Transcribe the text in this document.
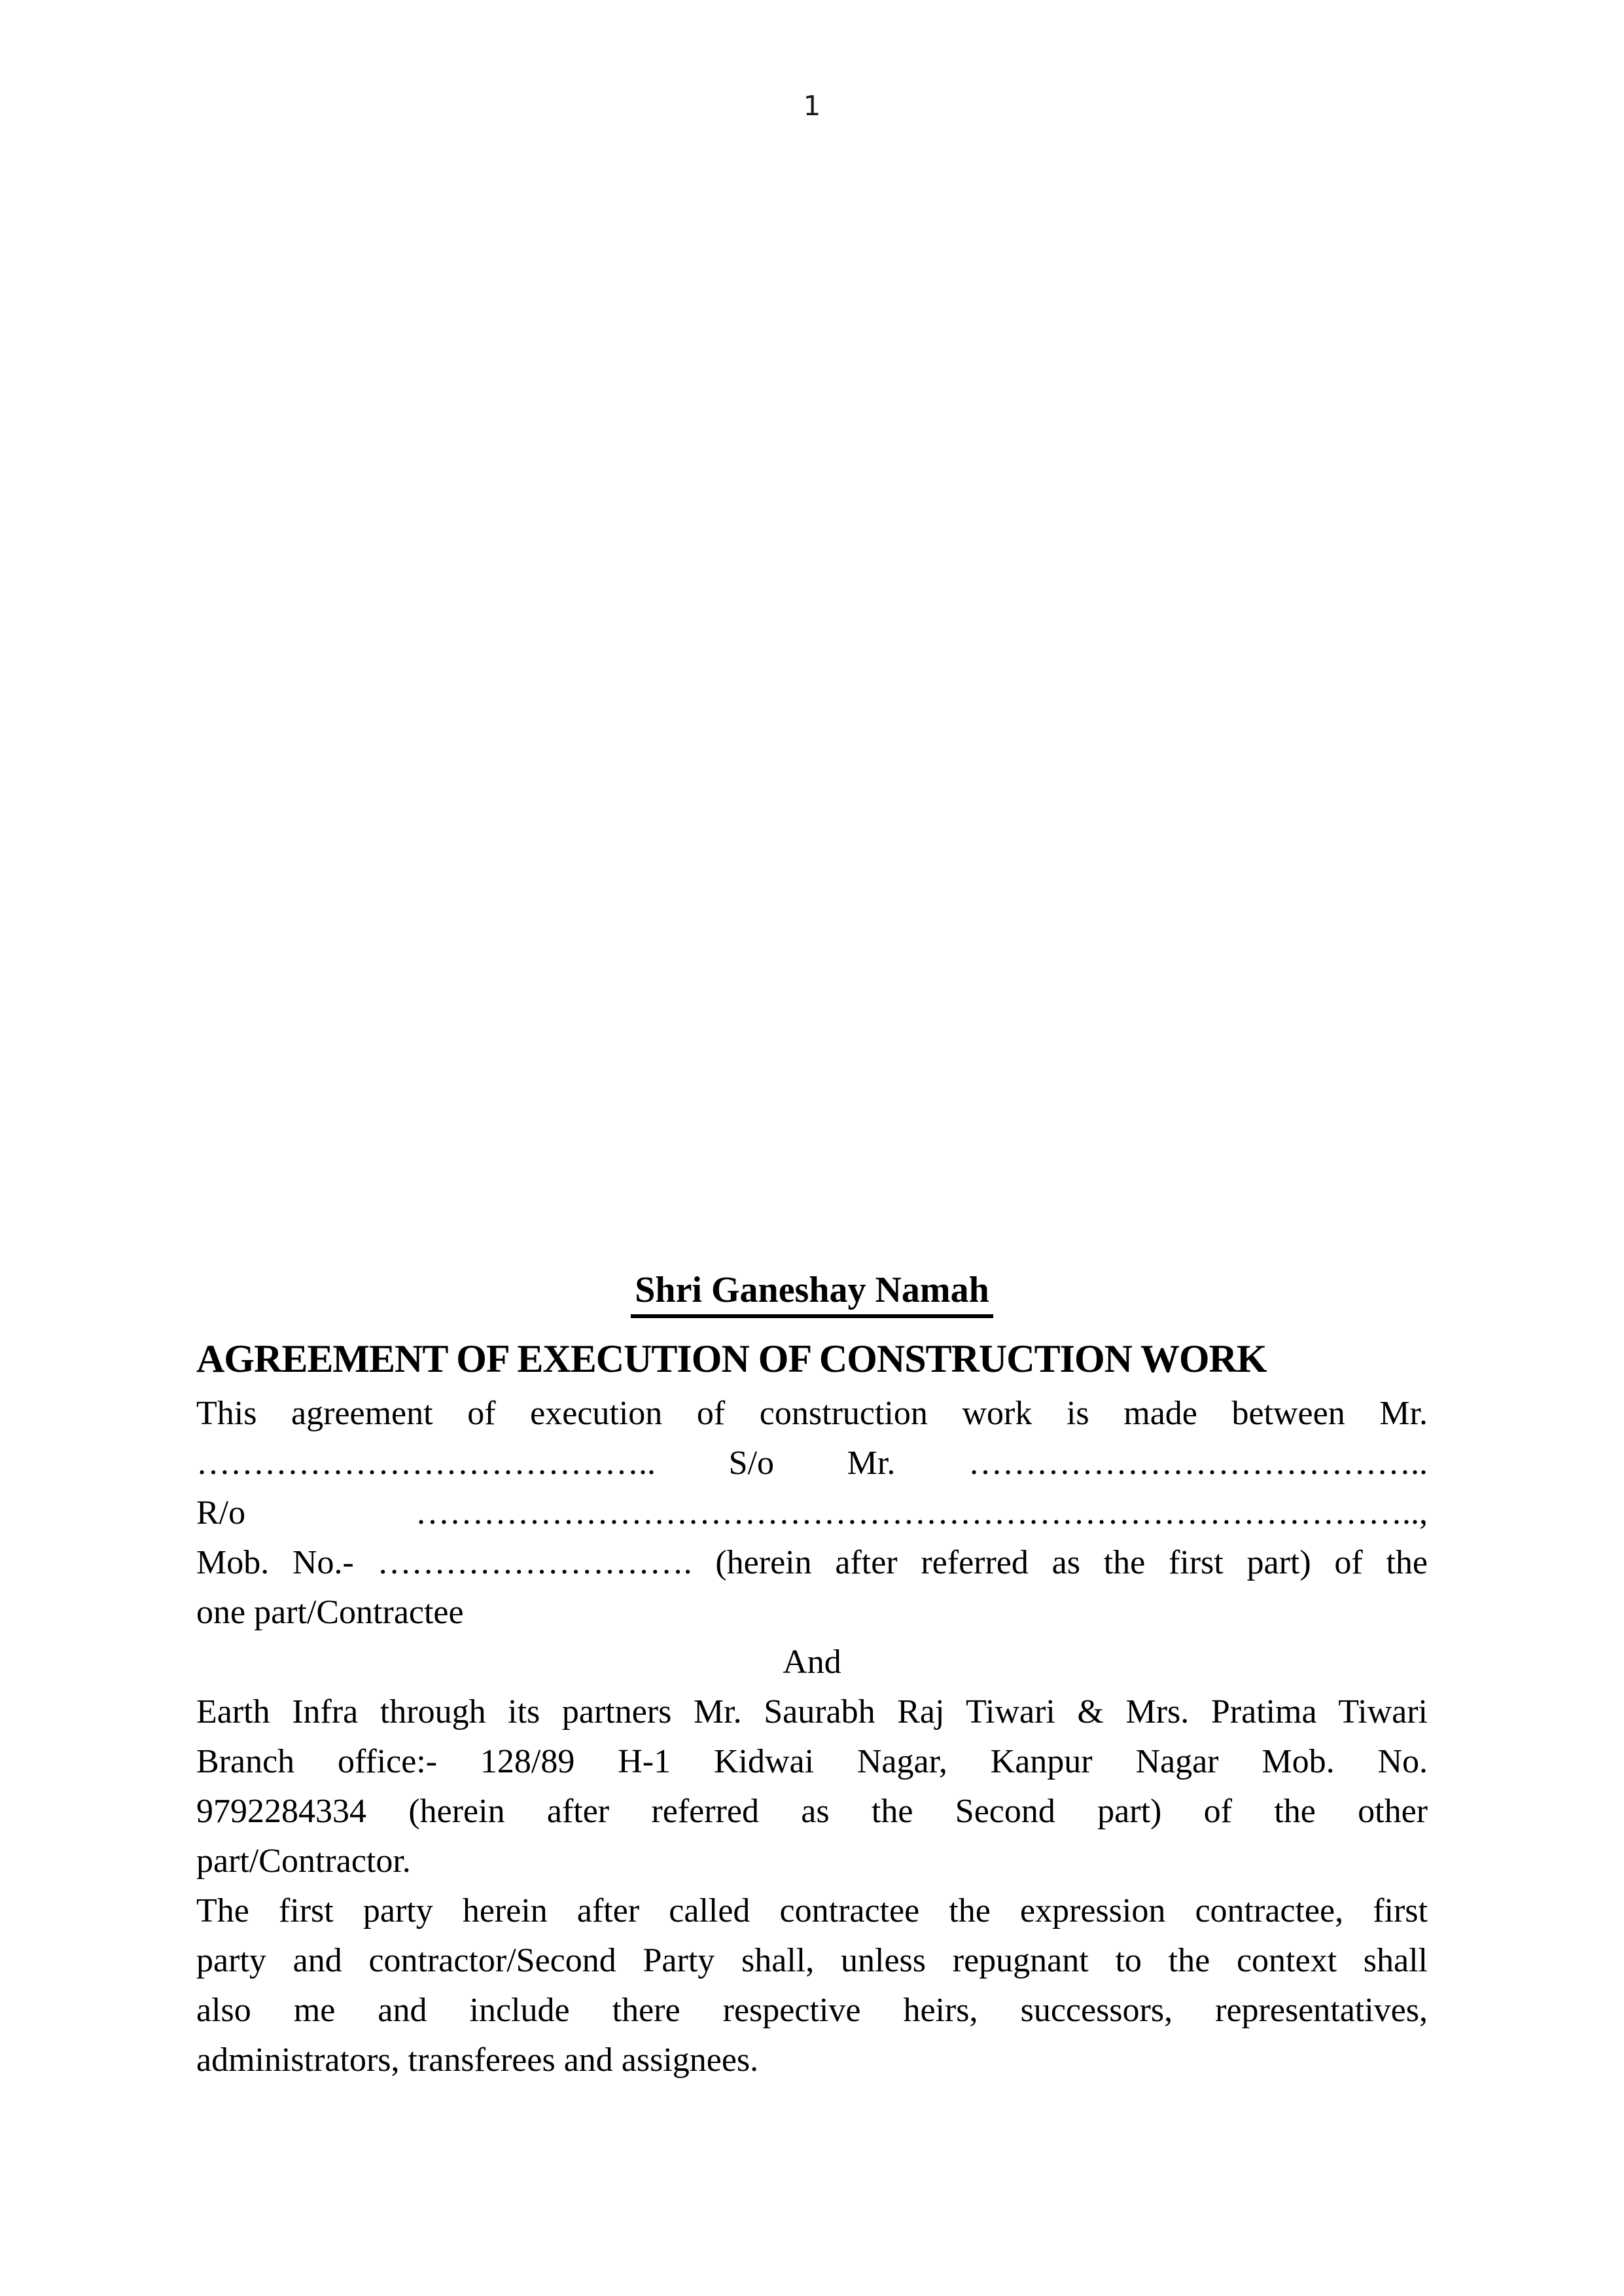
1
Shri Ganeshay Namah
AGREEMENT OF EXECUTION OF CONSTRUCTION WORK
This agreement of execution of construction work is made between Mr.
………………………………….. S/o Mr. …………………………………..
R/o ……………………………………………………………………………..,
Mob. No.- ………………………. (herein after referred as the first part) of the
one part/Contractee
And
Earth Infra through its partners Mr. Saurabh Raj Tiwari & Mrs. Pratima Tiwari
Branch office:- 128/89 H-1 Kidwai Nagar, Kanpur Nagar Mob. No.
9792284334 (herein after referred as the Second part) of the other
part/Contractor.
The first party herein after called contractee the expression contractee, first
party and contractor/Second Party shall, unless repugnant to the context shall
also me and include there respective heirs, successors, representatives,
administrators, transferees and assignees.
